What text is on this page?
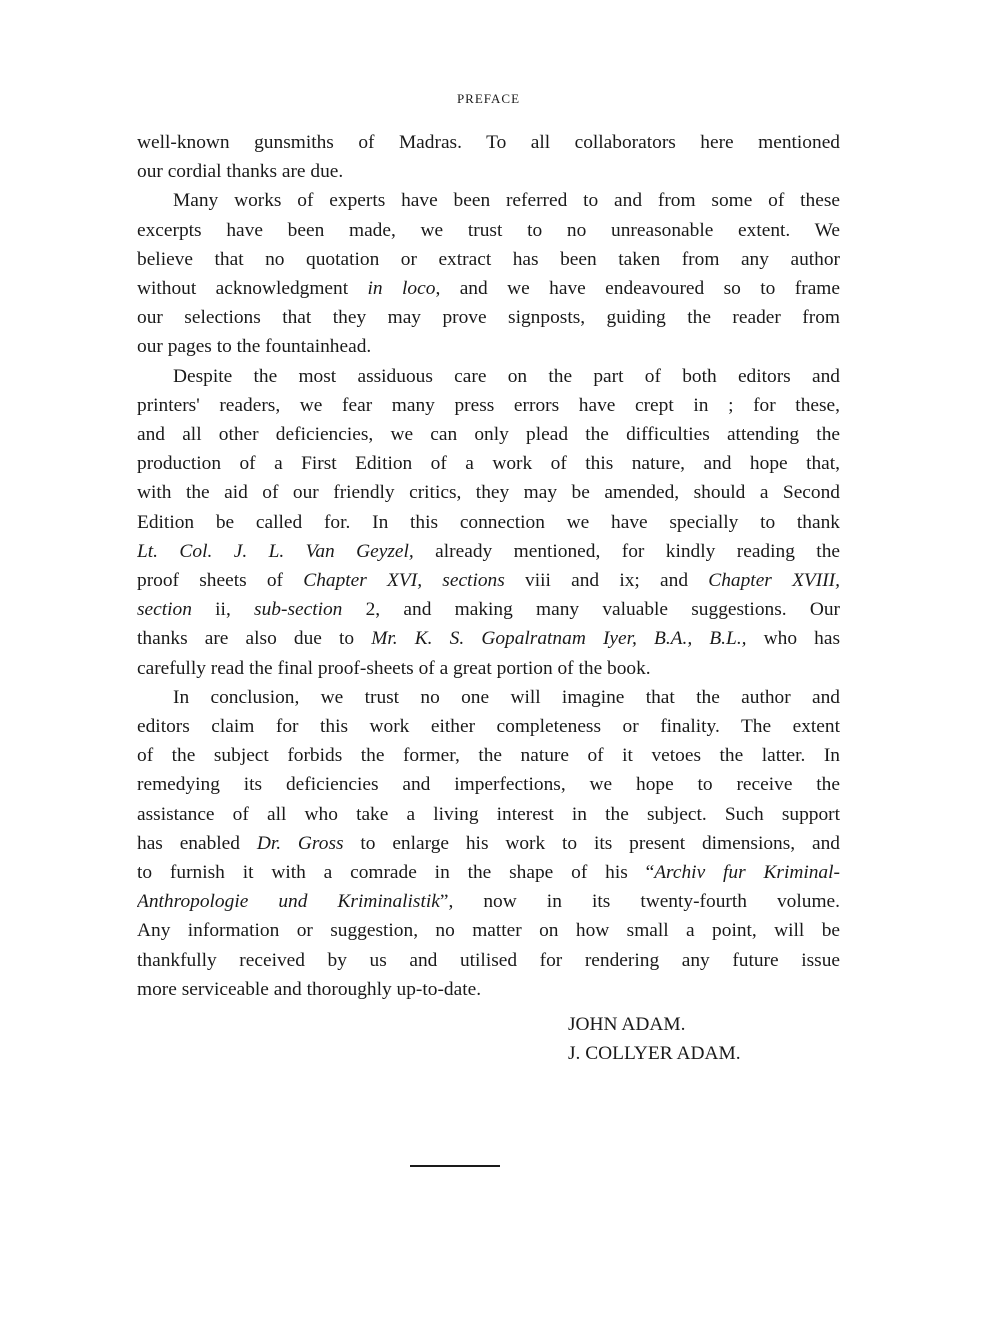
PREFACE
well-known gunsmiths of Madras. To all collaborators here mentioned
our cordial thanks are due.
Many works of experts have been referred to and from some of these
excerpts have been made, we trust to no unreasonable extent. We
believe that no quotation or extract has been taken from any author
without acknowledgment in loco, and we have endeavoured so to frame
our selections that they may prove signposts, guiding the reader from
our pages to the fountainhead.
Despite the most assiduous care on the part of both editors and
printers' readers, we fear many press errors have crept in ; for these,
and all other deficiencies, we can only plead the difficulties attending the
production of a First Edition of a work of this nature, and hope that,
with the aid of our friendly critics, they may be amended, should a Second
Edition be called for. In this connection we have specially to thank
Lt. Col. J. L. Van Geyzel, already mentioned, for kindly reading the
proof sheets of Chapter XVI, sections viii and ix; and Chapter XVIII,
section ii, sub-section 2, and making many valuable suggestions. Our
thanks are also due to Mr. K. S. Gopalratnam Iyer, B.A., B.L., who has
carefully read the final proof-sheets of a great portion of the book.
In conclusion, we trust no one will imagine that the author and
editors claim for this work either completeness or finality. The extent
of the subject forbids the former, the nature of it vetoes the latter. In
remedying its deficiencies and imperfections, we hope to receive the
assistance of all who take a living interest in the subject. Such support
has enabled Dr. Gross to enlarge his work to its present dimensions, and
to furnish it with a comrade in the shape of his “Archiv fur Kriminal-
Anthropologie und Kriminalistik”, now in its twenty-fourth volume.
Any information or suggestion, no matter on how small a point, will be
thankfully received by us and utilised for rendering any future issue
more serviceable and thoroughly up-to-date.
JOHN ADAM.
J. COLLYER ADAM.
